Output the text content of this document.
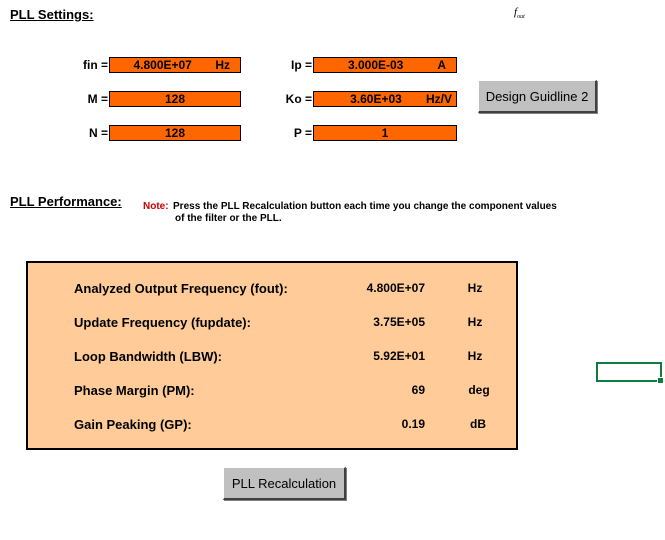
PLL Settings:	$f_{out}$
fin =	4.800E+07	Hz
M =	128
N =	128
Ip =	3.000E-03	A
Ko =	3.60E+03	Hz/V
P =	1
Design Guidline 2
PLL Performance: Note: Press the PLL Recalculation button each time you change the component values
of the filter or the PLL.
Analyzed Output Frequency (fout):	4.800E+07	Hz
Update Frequency (fupdate):	3.75E+05	Hz
Loop Bandwidth (LBW):	5.92E+01	Hz
Phase Margin (PM):	69	deg
Gain Peaking (GP):	0.19	dB
PLL Recalculation
